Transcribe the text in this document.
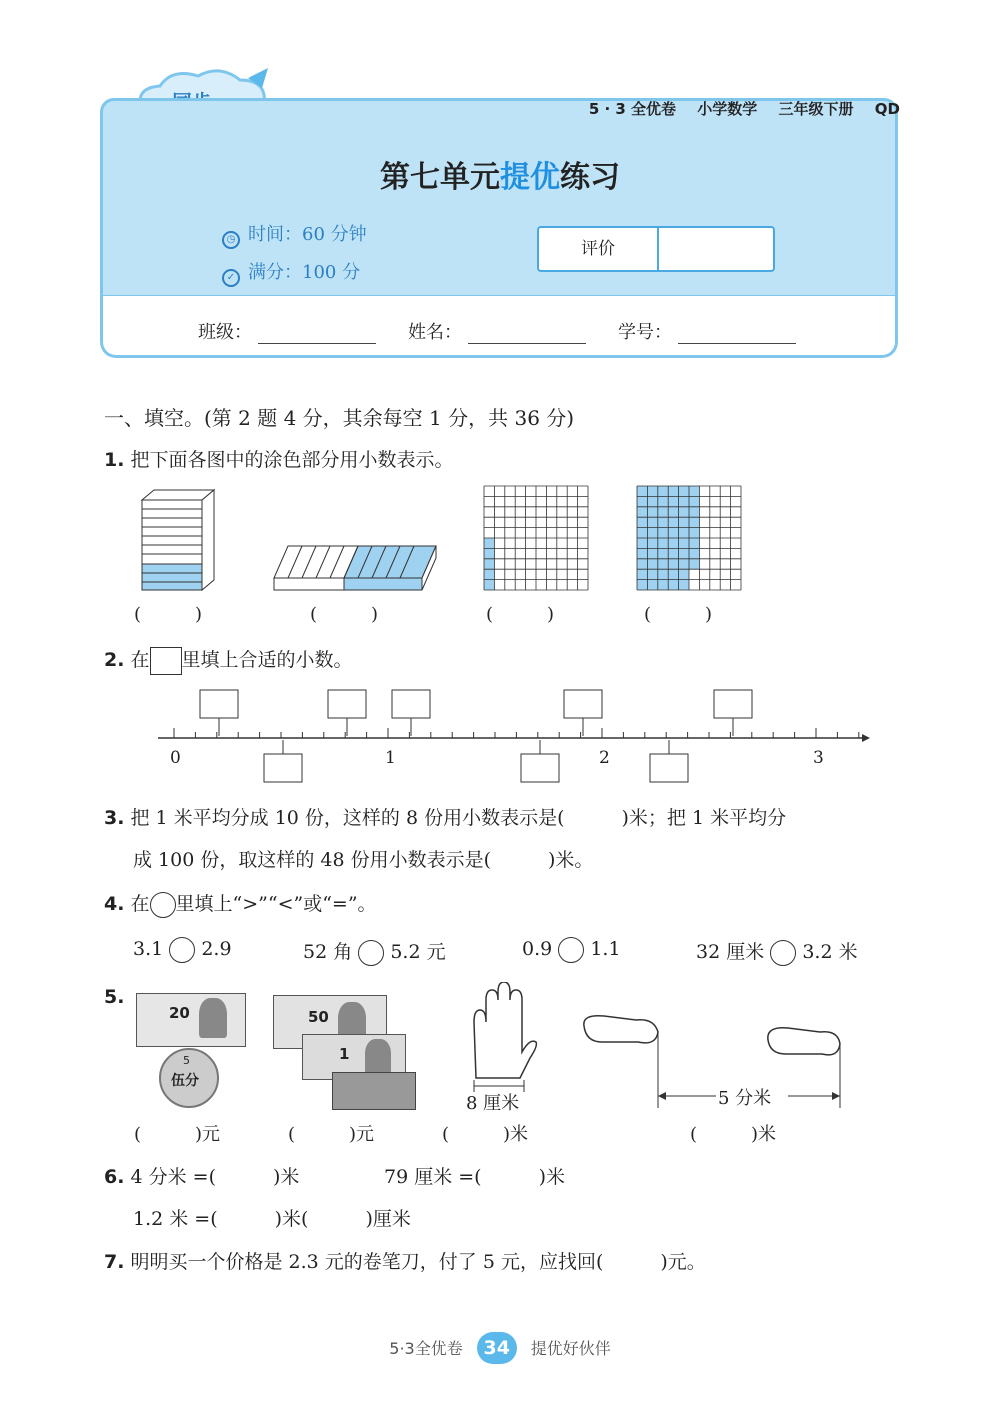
5 · 3 全优卷 小学数学 三年级下册 QD
第七单元提优练习
◷ 时间：60 分钟
✓ 满分：100 分
评价
班级：	姓名：	学号：
一、填空。(第 2 题 4 分，其余每空 1 分，共 36 分)
1. 把下面各图中的涂色部分用小数表示。
(　　　)	(　　　)	(　　　)	(　　　)
2. 在 里填上合适的小数。
0	1	2	3
3. 把 1 米平均分成 10 份，这样的 8 份用小数表示是(　　　)米；把 1 米平均分
成 100 份，取这样的 48 份用小数表示是(　　　)米。
4. 在 里填上“>”“<”或“=”。
3.1 2.9	52 角 5.2 元	0.9 1.1	32 厘米 3.2 米
5.
20
5
伍分
50
1
8 厘米	5 分米
(　　　)元	(　　　)元	(　　　)米	(　　　)米
6. 4 分米 =(　　　)米	79 厘米 =(　　　)米
1.2 米 =(　　　)米(　　　)厘米
7. 明明买一个价格是 2.3 元的卷笔刀，付了 5 元，应找回(　　　)元。
5·3全优卷 34 提优好伙伴
